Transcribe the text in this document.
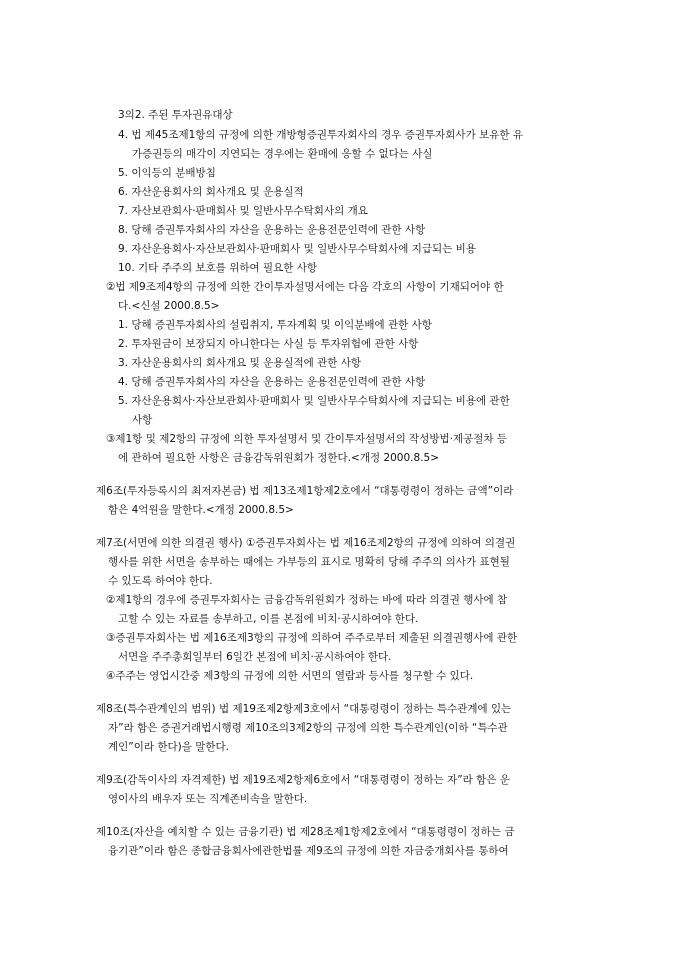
3의2. 주된 투자권유대상
4. 법 제45조제1항의 규정에 의한 개방형증권투자회사의 경우 증권투자회사가 보유한 유
가증권등의 매각이 지연되는 경우에는 환매에 응할 수 없다는 사실
5. 이익등의 분배방침
6. 자산운용회사의 회사개요 및 운용실적
7. 자산보관회사·판매회사 및 일반사무수탁회사의 개요
8. 당해 증권투자회사의 자산을 운용하는 운용전문인력에 관한 사항
9. 자산운용회사·자산보관회사·판매회사 및 일반사무수탁회사에 지급되는 비용
10. 기타 주주의 보호를 위하여 필요한 사항
②법 제9조제4항의 규정에 의한 간이투자설명서에는 다음 각호의 사항이 기재되어야 한
다.<신설 2000.8.5>
1. 당해 증권투자회사의 설립취지, 투자계획 및 이익분배에 관한 사항
2. 투자원금이 보장되지 아니한다는 사실 등 투자위험에 관한 사항
3. 자산운용회사의 회사개요 및 운용실적에 관한 사항
4. 당해 증권투자회사의 자산을 운용하는 운용전문인력에 관한 사항
5. 자산운용회사·자산보관회사·판매회사 및 일반사무수탁회사에 지급되는 비용에 관한
사항
③제1항 및 제2항의 규정에 의한 투자설명서 및 간이투자설명서의 작성방법·제공절차 등
에 관하여 필요한 사항은 금융감독위원회가 정한다.<개정 2000.8.5>
제6조(투자등록시의 최저자본금) 법 제13조제1항제2호에서 “대통령령이 정하는 금액”이라
함은 4억원을 말한다.<개정 2000.8.5>
제7조(서면에 의한 의결권 행사) ①증권투자회사는 법 제16조제2항의 규정에 의하여 의결권
행사를 위한 서면을 송부하는 때에는 가부등의 표시로 명확히 당해 주주의 의사가 표현될
수 있도록 하여야 한다.
②제1항의 경우에 증권투자회사는 금융감독위원회가 정하는 바에 따라 의결권 행사에 참
고할 수 있는 자료를 송부하고, 이를 본점에 비치·공시하여야 한다.
③증권투자회사는 법 제16조제3항의 규정에 의하여 주주로부터 제출된 의결권행사에 관한
서면을 주주총회일부터 6일간 본점에 비치·공시하여야 한다.
④주주는 영업시간중 제3항의 규정에 의한 서면의 열람과 등사를 청구할 수 있다.
제8조(특수관계인의 범위) 법 제19조제2항제3호에서 “대통령령이 정하는 특수관계에 있는
자”라 함은 증권거래법시행령 제10조의3제2항의 규정에 의한 특수관계인(이하 “특수관
계인”이라 한다)을 말한다.
제9조(감독이사의 자격제한) 법 제19조제2항제6호에서 “대통령령이 정하는 자”라 함은 운
영이사의 배우자 또는 직계존비속을 말한다.
제10조(자산을 예치할 수 있는 금융기관) 법 제28조제1항제2호에서 “대통령령이 정하는 금
융기관”이라 함은 종합금융회사에관한법률 제9조의 규정에 의한 자금중개회사를 통하여
